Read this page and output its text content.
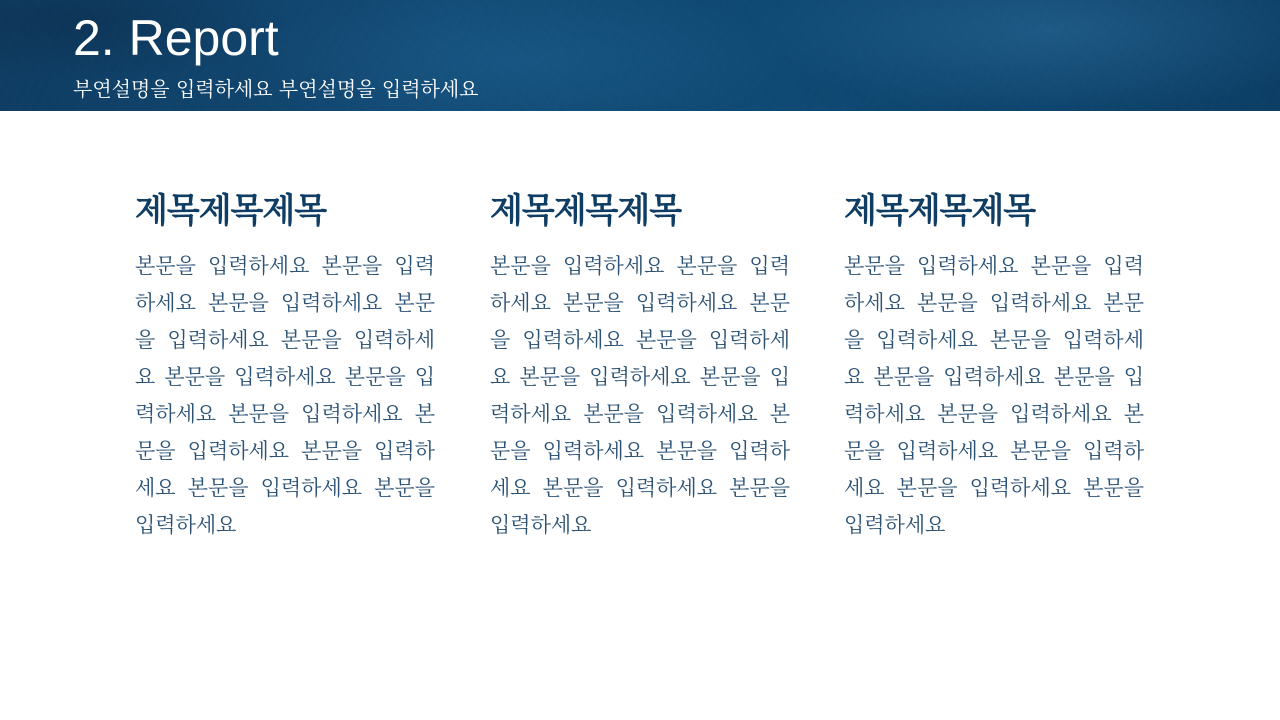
2. Report

부연설명을 입력하세요 부연설명을 입력하세요

제목제목제목

본문을 입력하세요 본문을 입력하세요 본문을 입력하세요 본문을 입력하세요 본문을 입력하세요 본문을 입력하세요 본문을 입력하세요 본문을 입력하세요 본문을 입력하세요 본문을 입력하세요 본문을 입력하세요 본문을 입력하세요

제목제목제목

본문을 입력하세요 본문을 입력하세요 본문을 입력하세요 본문을 입력하세요 본문을 입력하세요 본문을 입력하세요 본문을 입력하세요 본문을 입력하세요 본문을 입력하세요 본문을 입력하세요 본문을 입력하세요 본문을 입력하세요

제목제목제목

본문을 입력하세요 본문을 입력하세요 본문을 입력하세요 본문을 입력하세요 본문을 입력하세요 본문을 입력하세요 본문을 입력하세요 본문을 입력하세요 본문을 입력하세요 본문을 입력하세요 본문을 입력하세요 본문을 입력하세요
